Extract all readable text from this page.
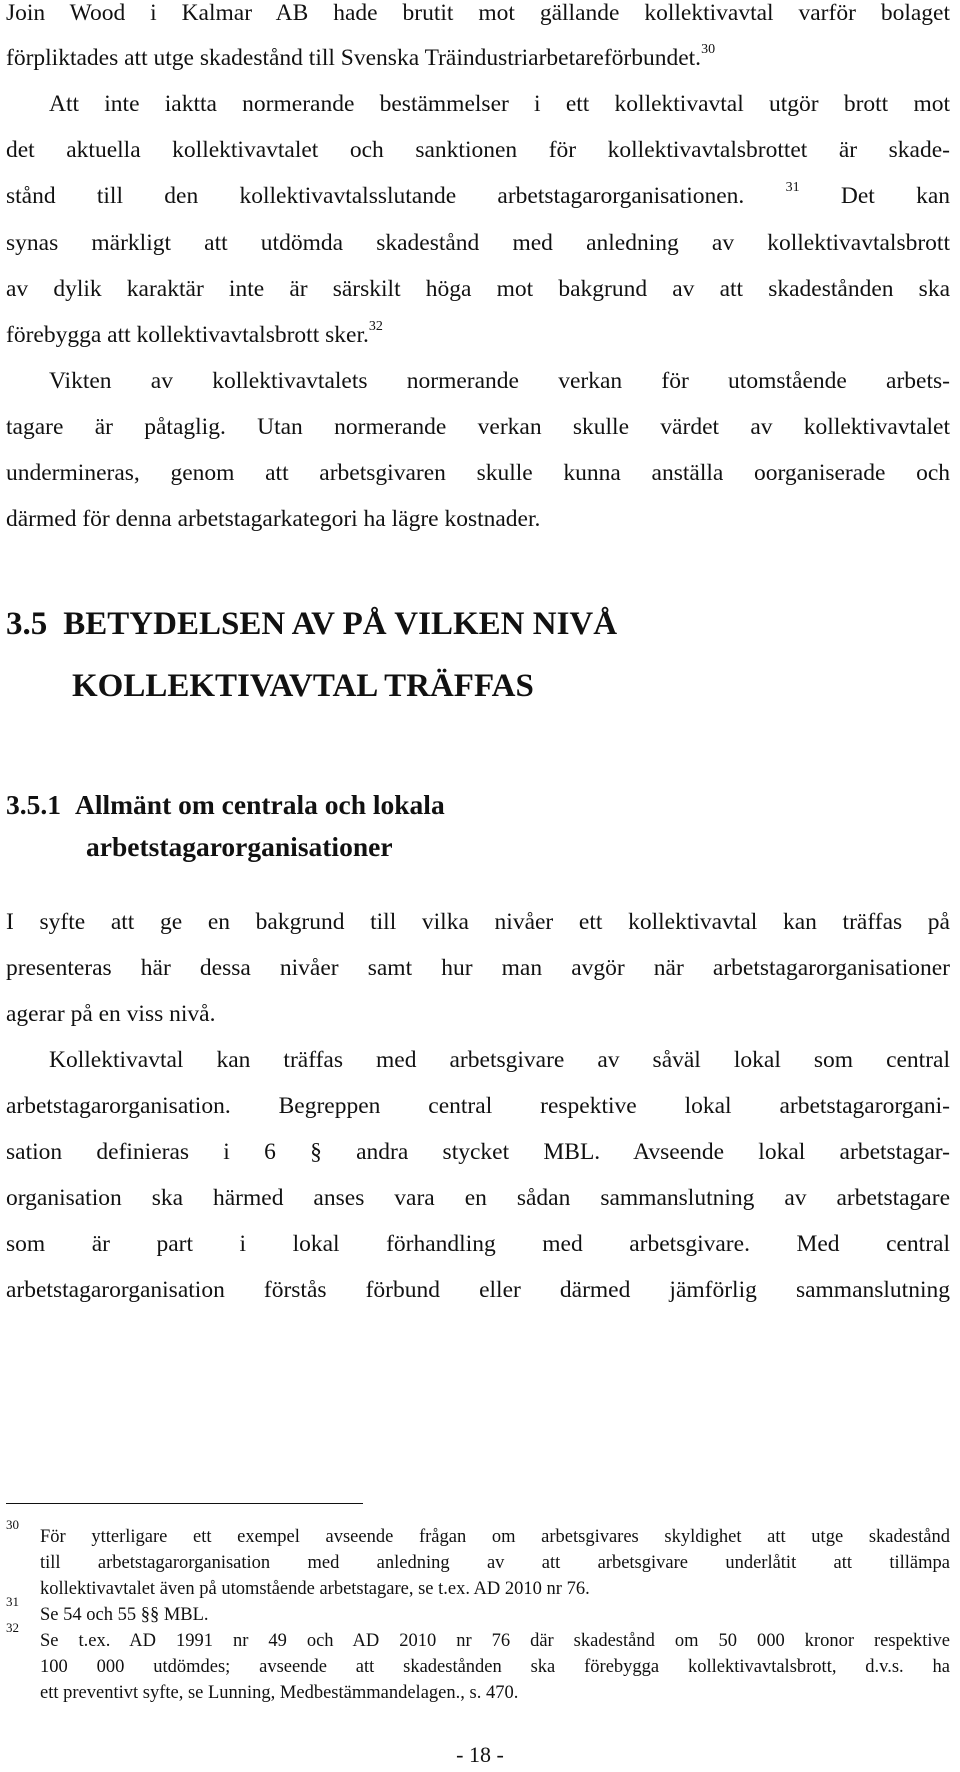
Join Wood i Kalmar AB hade brutit mot gällande kollektivavtal varför bolaget
förpliktades att utge skadestånd till Svenska Träindustriarbetareförbundet.$^{30}$
Att inte iaktta normerande bestämmelser i ett kollektivavtal utgör brott mot
det aktuella kollektivavtalet och sanktionen för kollektivavtalsbrottet är skade-
stånd till den kollektivavtalsslutande arbetstagarorganisationen.	$^{31}$ Det kan
synas märkligt att utdömda skadestånd med anledning av kollektivavtalsbrott
av dylik karaktär inte är särskilt höga mot bakgrund av att skadestånden ska
förebygga att kollektivavtalsbrott sker.$^{32}$
Vikten av kollektivavtalets normerande verkan för utomstående arbets-
tagare är påtaglig. Utan normerande verkan skulle värdet av kollektivavtalet
undermineras, genom att arbetsgivaren skulle kunna anställa oorganiserade och
därmed för denna arbetstagarkategori ha lägre kostnader.
3.5 BETYDELSEN AV PÅ VILKEN NIVÅ
KOLLEKTIVAVTAL TRÄFFAS
3.5.1 Allmänt om centrala och lokala
arbetstagarorganisationer
I syfte att ge en bakgrund till vilka nivåer ett kollektivavtal kan träffas på
presenteras här dessa nivåer samt hur man avgör när arbetstagarorganisationer
agerar på en viss nivå.
Kollektivavtal kan träffas med arbetsgivare av såväl lokal som central
arbetstagarorganisation. Begreppen central respektive lokal arbetstagarorgani-
sation definieras i 6 § andra stycket MBL. Avseende lokal arbetstagar-
organisation ska härmed anses vara en sådan sammanslutning av arbetstagare
som är part i lokal förhandling med arbetsgivare. Med central
arbetstagarorganisation förstås förbund eller därmed jämförlig sammanslutning
30
För ytterligare ett exempel avseende frågan om arbetsgivares skyldighet att utge skadestånd
till arbetstagarorganisation med anledning av att arbetsgivare underlåtit att tillämpa
kollektivavtalet även på utomstående arbetstagare, se t.ex. AD 2010 nr 76.
31
Se 54 och 55 §§ MBL.
32
Se t.ex. AD 1991 nr 49 och AD 2010 nr 76 där skadestånd om 50 000 kronor respektive
100 000 utdömdes; avseende att skadestånden ska förebygga kollektivavtalsbrott, d.v.s. ha
ett preventivt syfte, se Lunning, Medbestämmandelagen., s. 470.
- 18 -
